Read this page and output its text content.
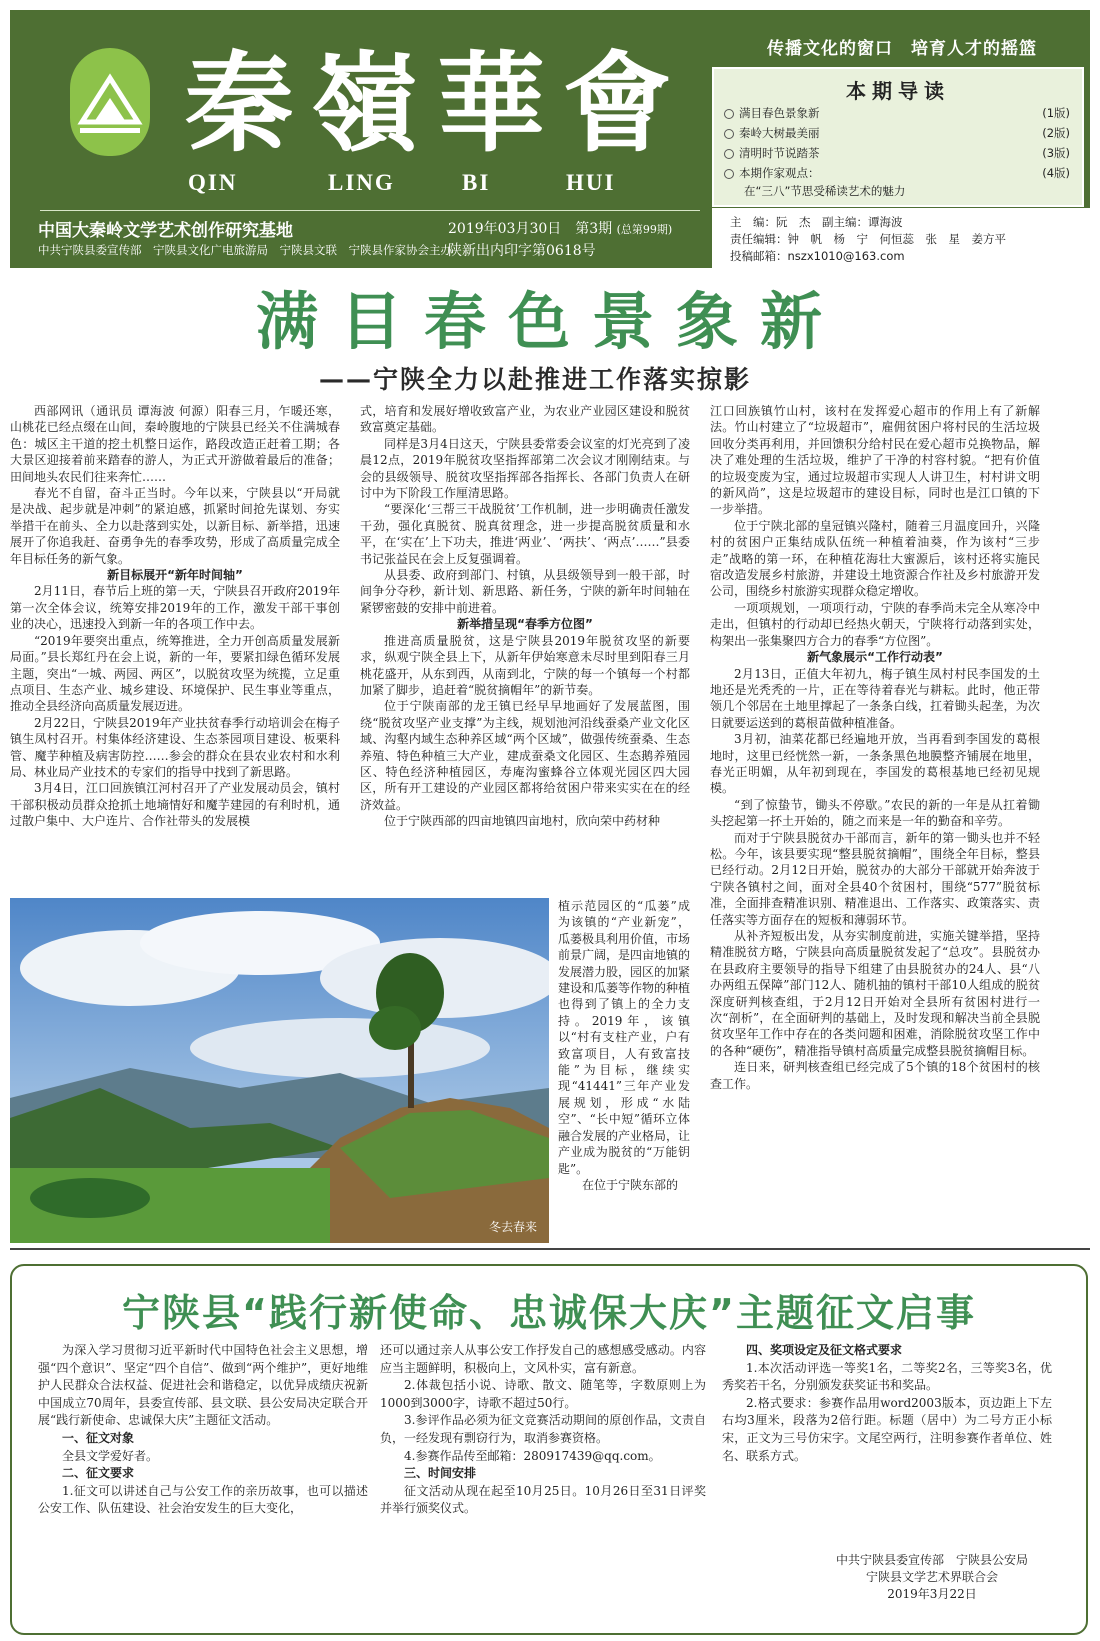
秦嶺華會
QIN	LING	BI	HUI
中国大秦岭文学艺术创作研究基地
中共宁陕县委宣传部　宁陕县文化广电旅游局　宁陕县文联　宁陕县作家协会主办
2019年03月30日　第3期 (总第99期)
陕新出内印字第0618号
传播文化的窗口　培育人才的摇篮
本期导读
满目春色景象新	(1版)
秦岭大树最美丽	(2版)
清明时节说踏茶	(3版)
本期作家观点：	(4版)
在“三八”节思受稀读艺术的魅力
主　编：阮　杰　副主编：谭海波
责任编辑：钟　帆　杨　宁　何恒蕊　张　星　姜方平
投稿邮箱：nszx1010@163.com
满目春色景象新
——宁陕全力以赴推进工作落实掠影

西部网讯（通讯员 谭海波 何源）阳春三月，乍暖还寒，山桃花已经点缀在山间，秦岭腹地的宁陕县已经关不住满城春色：城区主干道的挖土机整日运作，路段改造正赶着工期；各大景区迎接着前来踏春的游人，为正式开游做着最后的准备；田间地头农民们往来奔忙……

春光不自留，奋斗正当时。今年以来，宁陕县以“开局就是决战、起步就是冲刺”的紧迫感，抓紧时间抢先谋划、夯实举措干在前头、全力以赴落到实处，以新目标、新举措，迅速展开了你追我赶、奋勇争先的春季攻势，形成了高质量完成全年目标任务的新气象。

新目标展开“新年时间轴”

2月11日，春节后上班的第一天，宁陕县召开政府2019年第一次全体会议，统筹安排2019年的工作，激发干部干事创业的决心，迅速投入到新一年的各项工作中去。

“2019年要突出重点，统筹推进，全力开创高质量发展新局面。”县长郑红丹在会上说，新的一年，要紧扣绿色循环发展主题，突出“一城、两园、两区”，以脱贫攻坚为统揽，立足重点项目、生态产业、城乡建设、环境保护、民生事业等重点，推动全县经济向高质量发展迈进。

2月22日，宁陕县2019年产业扶贫春季行动培训会在梅子镇生凤村召开。村集体经济建设、生态茶园项目建设、板栗科管、魔芋种植及病害防控……参会的群众在县农业农村和水利局、林业局产业技术的专家们的指导中找到了新思路。

3月4日，江口回族镇江河村召开了产业发展动员会，镇村干部积极动员群众抢抓土地墒情好和魔芋建园的有利时机，通过散户集中、大户连片、合作社带头的发展模

式，培育和发展好增收致富产业，为农业产业园区建设和脱贫致富奠定基础。

同样是3月4日这天，宁陕县委常委会议室的灯光亮到了凌晨12点，2019年脱贫攻坚指挥部第二次会议才刚刚结束。与会的县级领导、脱贫攻坚指挥部各指挥长、各部门负责人在研讨中为下阶段工作厘清思路。

“要深化‘三帮三干战脱贫’工作机制，进一步明确责任激发干劲，强化真脱贫、脱真贫理念，进一步提高脱贫质量和水平，在‘实在’上下功夫，推进‘两业’、‘两扶’、‘两点’……”县委书记张益民在会上反复强调着。

从县委、政府到部门、村镇，从县级领导到一般干部，时间争分夺秒，新计划、新思路、新任务，宁陕的新年时间轴在紧锣密鼓的安排中前进着。

新举措呈现“春季方位图”

推进高质量脱贫，这是宁陕县2019年脱贫攻坚的新要求，纵观宁陕全县上下，从新年伊始寒意未尽时里到阳春三月桃花盛开，从东到西，从南到北，宁陕的每一个镇每一个村都加紧了脚步，追赶着“脱贫摘帽年”的新节奏。

位于宁陕南部的龙王镇已经早早地画好了发展蓝图，围绕“脱贫攻坚产业支撑”为主线，规划池河沿线蚕桑产业文化区域、沟壑内域生态种养区域“两个区域”，做强传统蚕桑、生态养殖、特色种植三大产业，建成蚕桑文化园区、生态鹅养殖园区、特色经济种植园区，寿庵沟蜜蜂谷立体观光园区四大园区，所有开工建设的产业园区都将给贫困户带来实实在在的经济效益。

位于宁陕西部的四亩地镇四亩地村，欣向荣中药材种

冬去春来

植示范园区的“瓜蒌”成为该镇的“产业新宠”，瓜蒌极具利用价值，市场前景广阔，是四亩地镇的发展潜力股，园区的加紧建设和瓜蒌等作物的种植也得到了镇上的全力支持。2019年，该镇以“村有支柱产业，户有致富项目，人有致富技能”为目标，继续实现“41441”三年产业发展规划，形成“水陆空”、“长中短”循环立体融合发展的产业格局，让产业成为脱贫的“万能钥匙”。

在位于宁陕东部的

江口回族镇竹山村，该村在发挥爱心超市的作用上有了新解法。竹山村建立了“垃圾超市”，雇佣贫困户将村民的生活垃圾回收分类再利用，并回馈积分给村民在爱心超市兑换物品，解决了难处理的生活垃圾，维护了干净的村容村貌。“把有价值的垃圾变废为宝，通过垃圾超市实现人人讲卫生，村村讲文明的新风尚”，这是垃圾超市的建设目标，同时也是江口镇的下一步举措。

位于宁陕北部的皇冠镇兴隆村，随着三月温度回升，兴隆村的贫困户正集结成队伍统一种植着油葵，作为该村“三步走”战略的第一环，在种植花海壮大蜜源后，该村还将实施民宿改造发展乡村旅游，并建设土地资源合作社及乡村旅游开发公司，围绕乡村旅游实现群众稳定增收。

一项项规划，一项项行动，宁陕的春季尚未完全从寒冷中走出，但镇村的行动却已经热火朝天，宁陕将行动落到实处，构架出一张集聚四方合力的春季“方位图”。

新气象展示“工作行动表”

2月13日，正值大年初九，梅子镇生凤村村民李国发的土地还是光秃秃的一片，正在等待着春光与耕耘。此时，他正带领几个邻居在土地里撑起了一条条白线，扛着锄头起垄，为次日就要运送到的葛根苗做种植准备。

3月初，油菜花都已经遍地开放，当再看到李国发的葛根地时，这里已经恍然一新，一条条黑色地膜整齐铺展在地里，春光正明媚，从年初到现在，李国发的葛根基地已经初见规模。

“到了惊蛰节，锄头不停歇。”农民的新的一年是从扛着锄头挖起第一抔土开始的，随之而来是一年的勤奋和辛劳。

而对于宁陕县脱贫办干部而言，新年的第一锄头也并不轻松。今年，该县要实现“整县脱贫摘帽”，围绕全年目标，整县已经行动。2月12日开始，脱贫办的大部分干部就开始奔波于宁陕各镇村之间，面对全县40个贫困村，围绕“577”脱贫标准，全面排查精准识别、精准退出、工作落实、政策落实、责任落实等方面存在的短板和薄弱环节。

从补齐短板出发，从夯实制度前进，实施关键举措，坚持精准脱贫方略，宁陕县向高质量脱贫发起了“总攻”。县脱贫办在县政府主要领导的指导下组建了由县脱贫办的24人、县“八办两组五保障”部门12人、随机抽的镇村干部10人组成的脱贫深度研判核查组，于2月12日开始对全县所有贫困村进行一次“剖析”，在全面研判的基础上，及时发现和解决当前全县脱贫攻坚年工作中存在的各类问题和困难，消除脱贫攻坚工作中的各种“硬伤”，精准指导镇村高质量完成整县脱贫摘帽目标。

连日来，研判核查组已经完成了5个镇的18个贫困村的核查工作。

宁陕县“践行新使命、忠诚保大庆”主题征文启事

为深入学习贯彻习近平新时代中国特色社会主义思想，增强“四个意识”、坚定“四个自信”、做到“两个维护”，更好地维护人民群众合法权益、促进社会和谐稳定，以优异成绩庆祝新中国成立70周年，县委宣传部、县文联、县公安局决定联合开展“践行新使命、忠诚保大庆”主题征文活动。

一、征文对象

全县文学爱好者。

二、征文要求

1.征文可以讲述自己与公安工作的亲历故事，也可以描述公安工作、队伍建设、社会治安发生的巨大变化，

还可以通过亲人从事公安工作抒发自己的感想感受感动。内容应当主题鲜明，积极向上，文风朴实，富有新意。

2.体裁包括小说、诗歌、散文、随笔等，字数原则上为1000到3000字，诗歌不超过50行。

3.参评作品必须为征文竞赛活动期间的原创作品，文责自负，一经发现有剽窃行为，取消参赛资格。

4.参赛作品传至邮箱：280917439@qq.com。

三、时间安排

征文活动从现在起至10月25日。10月26日至31日评奖并举行颁奖仪式。

四、奖项设定及征文格式要求

1.本次活动评选一等奖1名，二等奖2名，三等奖3名，优秀奖若干名，分别颁发获奖证书和奖品。

2.格式要求：参赛作品用word2003版本，页边距上下左右均3厘米，段落为2倍行距。标题（居中）为二号方正小标宋，正文为三号仿宋字。文尾空两行，注明参赛作者单位、姓名、联系方式。

中共宁陕县委宣传部　宁陕县公安局
宁陕县文学艺术界联合会
2019年3月22日
